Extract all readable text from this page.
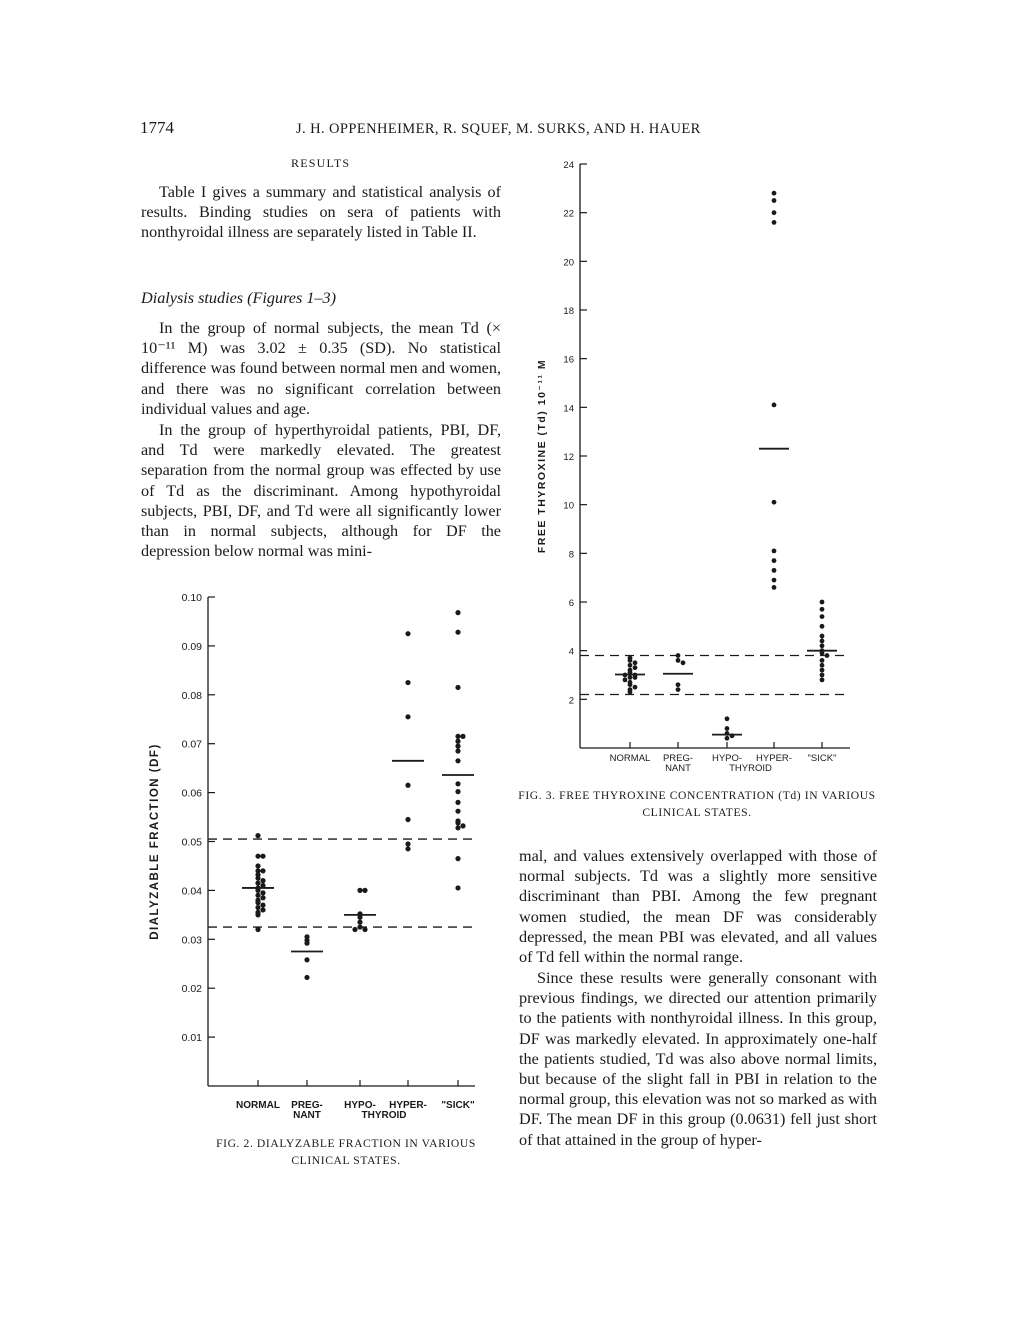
1774	J. H. OPPENHEIMER, R. SQUEF, M. SURKS, AND H. HAUER
RESULTS

Table I gives a summary and statistical analysis of results. Binding studies on sera of patients with nonthyroidal illness are separately listed in Table II.

Dialysis studies (Figures 1–3)

In the group of normal subjects, the mean Td (× 10⁻¹¹ M) was 3.02 ± 0.35 (SD). No statistical difference was found between normal men and women, and there was no significant correlation between individual values and age.

In the group of hyperthyroidal patients, PBI, DF, and Td were markedly elevated. The greatest separation from the normal group was effected by use of Td as the discriminant. Among hypothyroidal subjects, PBI, DF, and Td were all significantly lower than in normal subjects, although for DF the depression below normal was mini-

mal, and values extensively overlapped with those of normal subjects. Td was a slightly more sensitive discriminant than PBI. Among the few pregnant women studied, the mean DF was considerably depressed, the mean PBI was elevated, and all values of Td fell within the normal range.

Since these results were generally consonant with previous findings, we directed our attention primarily to the patients with nonthyroidal illness. In this group, DF was markedly elevated. In approximately one-half the patients studied, Td was also above normal limits, but because of the slight fall in PBI in relation to the normal group, this elevation was not so marked as with DF. The mean DF in this group (0.0631) fell just short of that attained in the group of hyper-

0.01
0.02
0.03
0.04
0.05
0.06
0.07
0.08
0.09
0.10
NORMAL PREG-
NANT
HYPO- HYPER-
THYROID
"SICK"
DIALYZABLE FRACTION (DF)
FIG. 2. DIALYZABLE FRACTION IN VARIOUS CLINICAL STATES.
2
4
6
8
10
12
14
16
18
20
22
24
NORMAL PREG-
NANT
HYPO- HYPER-
THYROID
"SICK"
FREE THYROXINE (Td) 10⁻¹¹ M
FIG. 3. FREE THYROXINE CONCENTRATION (Td) IN VARIOUS CLINICAL STATES.
